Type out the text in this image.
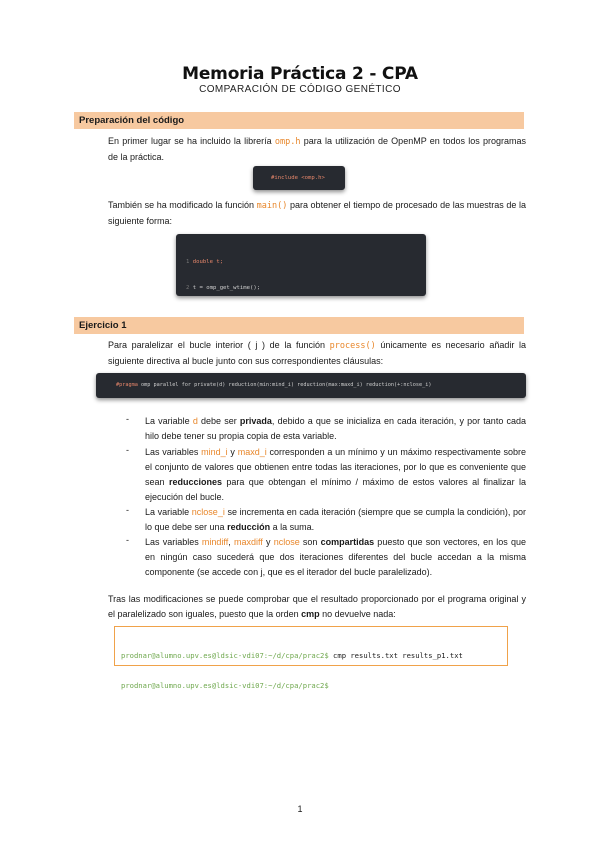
Memoria Práctica 2 - CPA
COMPARACIÓN DE CÓDIGO GENÉTICO
Preparación del código
En primer lugar se ha incluido la librería omp.h para la utilización de OpenMP en todos los programas de la práctica.
#include <omp.h>
También se ha modificado la función main() para obtener el tiempo de procesado de las muestras de la siguiente forma:

1 double t;

2 t = omp_get_wtime();

Ejercicio 1
Para paralelizar el bucle interior ( j ) de la función process() únicamente es necesario añadir la siguiente directiva al bucle junto con sus correspondientes cláusulas:
#pragma omp parallel for private(d) reduction(min:mind_i) reduction(max:maxd_i) reduction(+:nclose_i)
- La variable d debe ser privada, debido a que se inicializa en cada iteración, y por tanto cada hilo debe tener su propia copia de esta variable.
- Las variables mind_i y maxd_i corresponden a un mínimo y un máximo respectivamente sobre el conjunto de valores que obtienen entre todas las iteraciones, por lo que es conveniente que sean reducciones para que obtengan el mínimo / máximo de estos valores al finalizar la ejecución del bucle.
- La variable nclose_i se incrementa en cada iteración (siempre que se cumpla la condición), por lo que debe ser una reducción a la suma.
- Las variables mindiff, maxdiff y nclose son compartidas puesto que son vectores, en los que en ningún caso sucederá que dos iteraciones diferentes del bucle accedan a la misma componente (se accede con j, que es el iterador del bucle paralelizado).
Tras las modificaciones se puede comprobar que el resultado proporcionado por el programa original y el paralelizado son iguales, puesto que la orden cmp no devuelve nada:

prodnar@alumno.upv.es@ldsic-vdi07:~/d/cpa/prac2$ cmp results.txt results_p1.txt

prodnar@alumno.upv.es@ldsic-vdi07:~/d/cpa/prac2$

1
